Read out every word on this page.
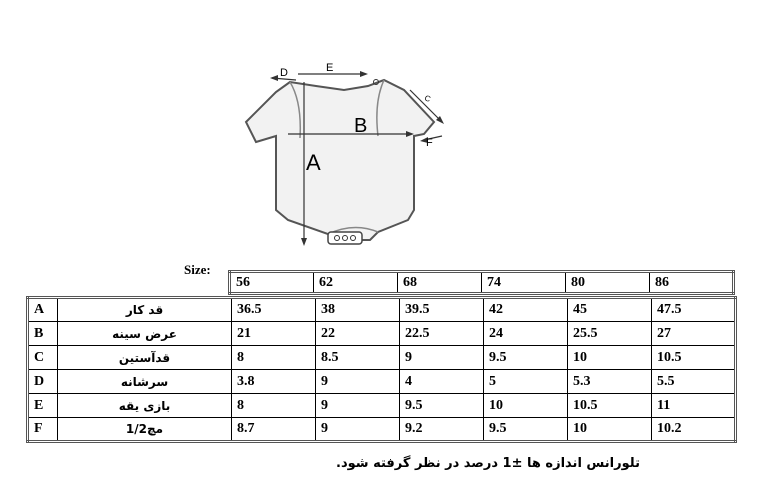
A
B
C
D	E
F
Size:
56	62	68	74	80	86
A	قد کار	36.5	38	39.5	42	45	47.5
B	عرض سینه	21	22	22.5	24	25.5	27
C	قدآستین	8	8.5	9	9.5	10	10.5
D	سرشانه	3.8	9	4	5	5.3	5.5
E	بازی یقه	8	9	9.5	10	10.5	11
F	مچ1/2	8.7	9	9.2	9.5	10	10.2
تلورانس اندازه ها ±1 درصد در نظر گرفته شود.
